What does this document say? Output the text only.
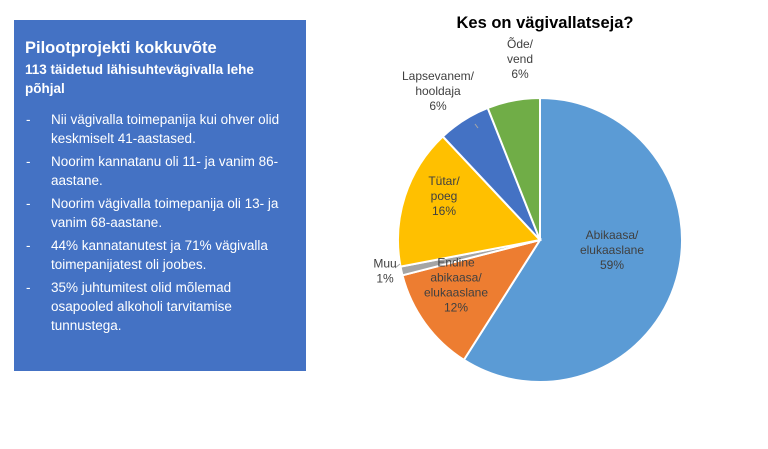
Pilootprojekti kokkuvõte

113 täidetud lähisuhtevägivalla lehe põhjal

- Nii vägivalla toimepanija kui ohver olid keskmiselt 41-aastased.
- Noorim kannatanu oli 11- ja vanim 86-aastane.
- Noorim vägivalla toimepanija oli 13- ja vanim 68-aastane.
- 44% kannatanutest ja 71% vägivalla toimepanijatest oli joobes.
- 35% juhtumitest olid mõlemad osapooled alkoholi tarvitamise tunnustega.
Kes on vägivallatseja?
Abikaasa/ elukaaslane 59%
Endine abikaasa/ elukaaslane 12%
Muu 1%
Tütar/ poeg 16%
Lapsevanem/ hooldaja 6%
Õde/ vend 6%
